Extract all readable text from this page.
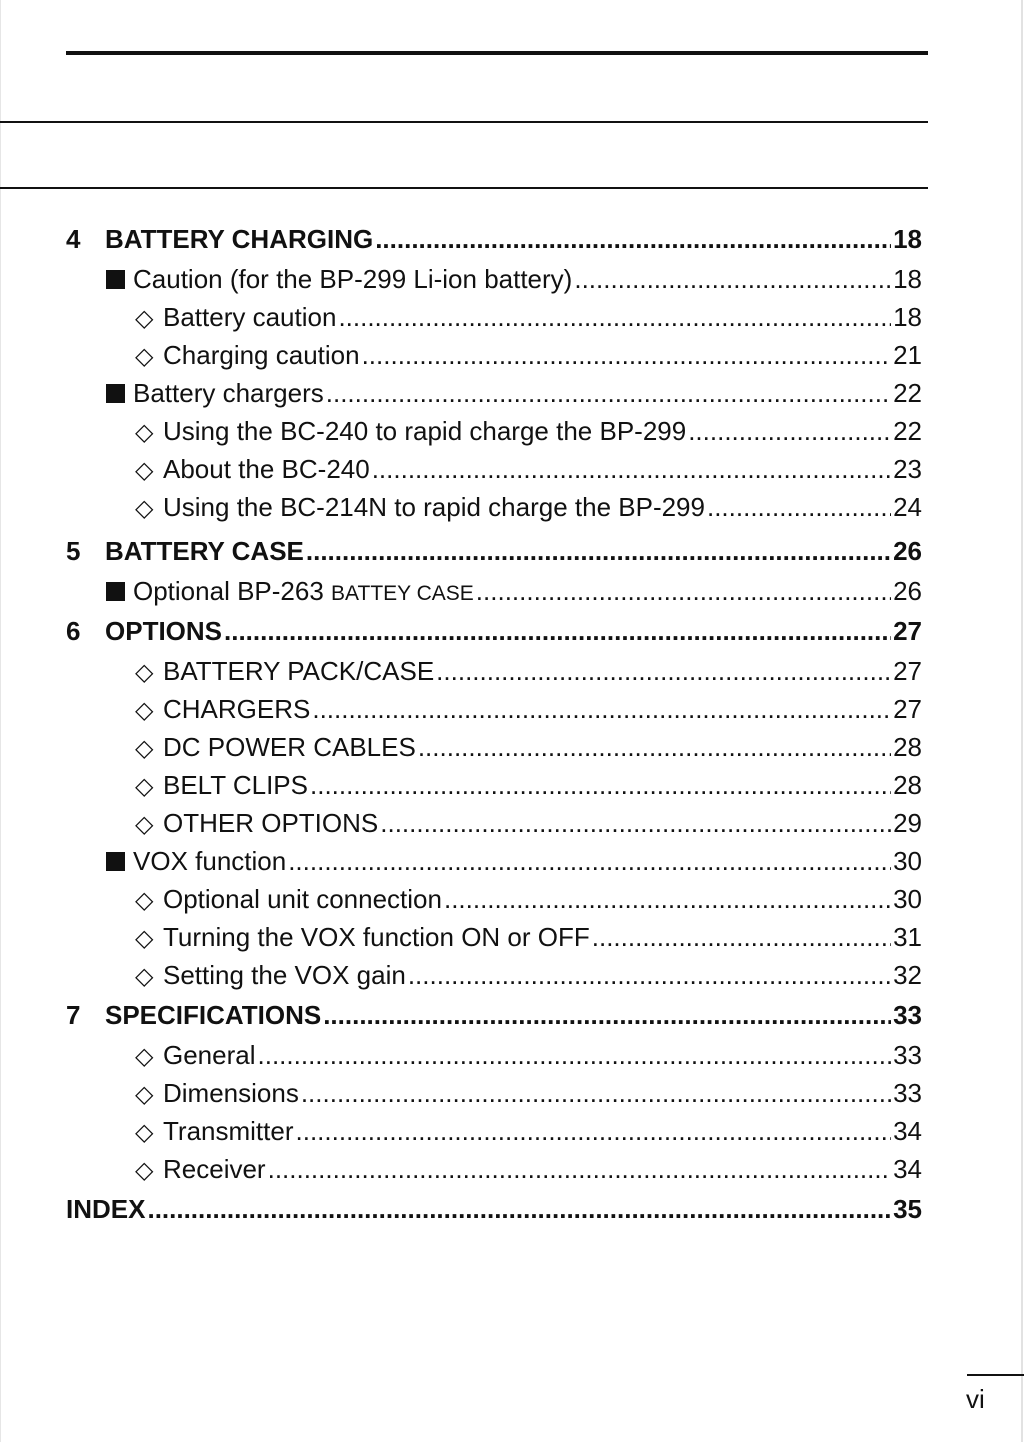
4 BATTERY CHARGING .....	18
Caution (for the BP-299 Li-ion battery) .....	18
◇ Battery caution .....	18
◇ Charging caution .....	21
Battery chargers .....	22
◇ Using the BC-240 to rapid charge the BP-299 .....	22
◇ About the BC-240 .....	23
◇ Using the BC-214N to rapid charge the BP-299 .....	24
5 BATTERY CASE .....	26
Optional BP-263 BATTEY CASE .....	26
6 OPTIONS .....	27
◇ BATTERY PACK/CASE .....	27
◇ CHARGERS .....	27
◇ DC POWER CABLES .....	28
◇ BELT CLIPS .....	28
◇ OTHER OPTIONS .....	29
VOX function .....	30
◇ Optional unit connection .....	30
◇ Turning the VOX function ON or OFF .....	31
◇ Setting the VOX gain .....	32
7 SPECIFICATIONS .....	33
◇ General .....	33
◇ Dimensions .....	33
◇ Transmitter .....	34
◇ Receiver .....	34
INDEX .....	35
vi
